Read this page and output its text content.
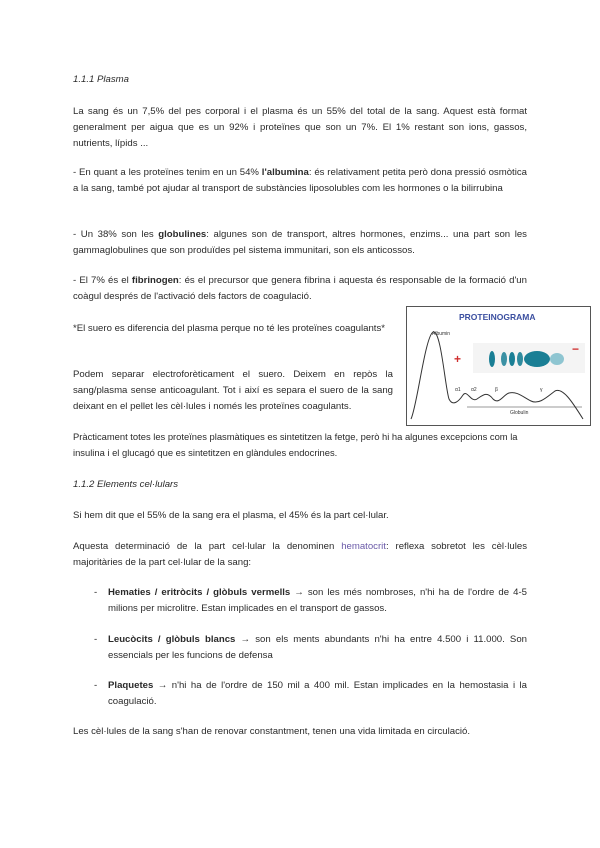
1.1.1 Plasma
La sang és un 7,5% del pes corporal i el plasma és un 55% del total de la sang. Aquest està format generalment per aigua que es un 92% i proteïnes que son un 7%. El 1% restant son ions, gassos, nutrients, lípids ...
- En quant a les proteïnes tenim en un 54% l'albumina: és relativament petita però dona pressió osmòtica a la sang, també pot ajudar al transport de substàncies liposolubles com les hormones o la bilirrubina
- Un 38% son les globulines: algunes son de transport, altres hormones, enzims... una part son les gammaglobulines que son produïdes pel sistema immunitari, son els anticossos.
- El 7% és el fibrinogen: és el precursor que genera fibrina i aquesta és responsable de la formació d'un coàgul després de l'activació dels factors de coagulació.
*El suero es diferencia del plasma perque no té les proteïnes coagulants*
Podem separar electroforèticament el suero. Deixem en repòs la sang/plasma sense anticoagulant. Tot i així es separa el suero de la sang deixant en el pellet les cèl·lules i només les proteïnes coagulants.
Pràcticament totes les proteïnes plasmàtiques es sintetitzen la fetge, però hi ha algunes excepcions com la insulina i el glucagó que es sintetitzen en glàndules endocrines.
PROTEINOGRAMA
Albumin
+
−
α1 α2	β	γ
Globulin
1.1.2 Elements cel·lulars
Si hem dit que el 55% de la sang era el plasma, el 45% és la part cel·lular.
Aquesta determinació de la part cel·lular la denominen hematocrit: reflexa sobretot les cèl·lules majoritàries de la part cel·lular de la sang:
- Hematies / eritròcits / glòbuls vermells → son les més nombroses, n'hi ha de l'ordre de 4-5 milions per microlitre. Estan implicades en el transport de gassos.
- Leucòcits / glòbuls blancs → son els ments abundants n'hi ha entre 4.500 i 11.000. Son essencials per les funcions de defensa
- Plaquetes → n'hi ha de l'ordre de 150 mil a 400 mil. Estan implicades en la hemostasia i la coagulació.
Les cèl·lules de la sang s'han de renovar constantment, tenen una vida limitada en circulació.
